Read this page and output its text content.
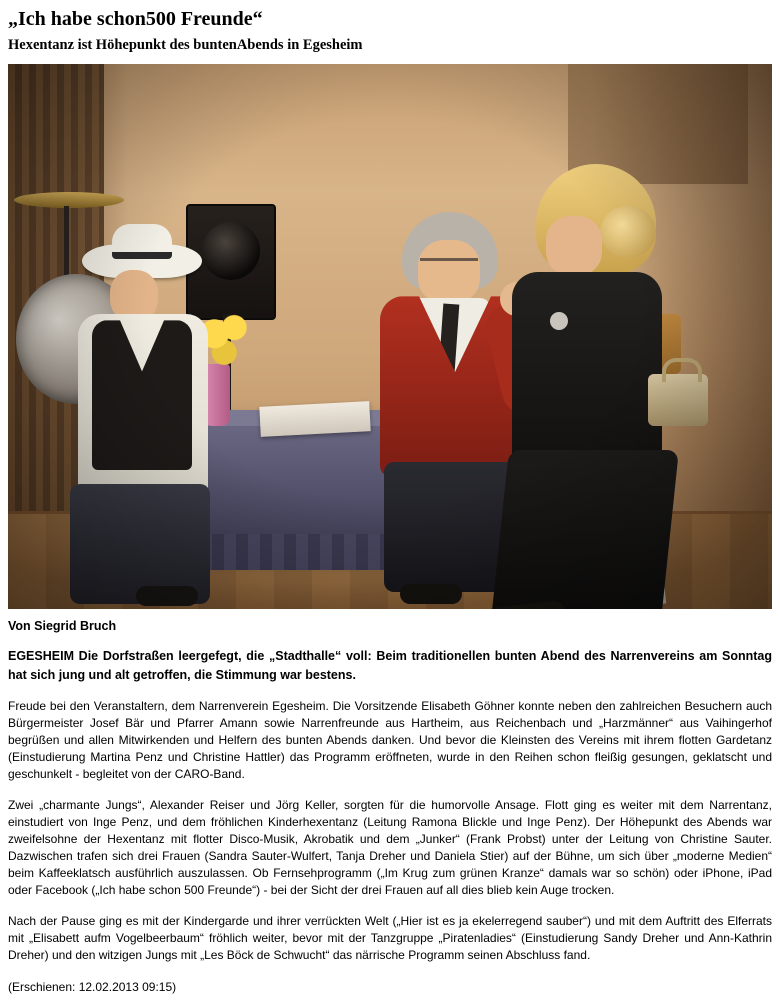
„Ich habe schon500 Freunde“
Hexentanz ist Höhepunkt des buntenAbends in Egesheim
Von Siegrid Bruch

EGESHEIM Die Dorfstraßen leergefegt, die „Stadthalle“ voll: Beim traditionellen bunten Abend des Narrenvereins am Sonntag hat sich jung und alt getroffen, die Stimmung war bestens.

Freude bei den Veranstaltern, dem Narrenverein Egesheim. Die Vorsitzende Elisabeth Göhner konnte neben den zahlreichen Besuchern auch Bürgermeister Josef Bär und Pfarrer Amann sowie Narrenfreunde aus Hartheim, aus Reichenbach und „Harzmänner“ aus Vaihingerhof begrüßen und allen Mitwirkenden und Helfern des bunten Abends danken. Und bevor die Kleinsten des Vereins mit ihrem flotten Gardetanz (Einstudierung Martina Penz und Christine Hattler) das Programm eröffneten, wurde in den Reihen schon fleißig gesungen, geklatscht und geschunkelt - begleitet von der CARO-Band.

Zwei „charmante Jungs“, Alexander Reiser und Jörg Keller, sorgten für die humorvolle Ansage. Flott ging es weiter mit dem Narrentanz, einstudiert von Inge Penz, und dem fröhlichen Kinderhexentanz (Leitung Ramona Blickle und Inge Penz). Der Höhepunkt des Abends war zweifelsohne der Hexentanz mit flotter Disco-Musik, Akrobatik und dem „Junker“ (Frank Probst) unter der Leitung von Christine Sauter. Dazwischen trafen sich drei Frauen (Sandra Sauter-Wulfert, Tanja Dreher und Daniela Stier) auf der Bühne, um sich über „moderne Medien“ beim Kaffeeklatsch ausführlich auszulassen. Ob Fernsehprogramm („Im Krug zum grünen Kranze“ damals war so schön) oder iPhone, iPad oder Facebook („Ich habe schon 500 Freunde“) - bei der Sicht der drei Frauen auf all dies blieb kein Auge trocken.

Nach der Pause ging es mit der Kindergarde und ihrer verrückten Welt („Hier ist es ja ekelerregend sauber“) und mit dem Auftritt des Elferrats mit „Elisabett aufm Vogelbeerbaum“ fröhlich weiter, bevor mit der Tanzgruppe „Piratenladies“ (Einstudierung Sandy Dreher und Ann-Kathrin Dreher) und den witzigen Jungs mit „Les Böck de Schwucht“ das närrische Programm seinen Abschluss fand.

(Erschienen: 12.02.2013 09:15)
